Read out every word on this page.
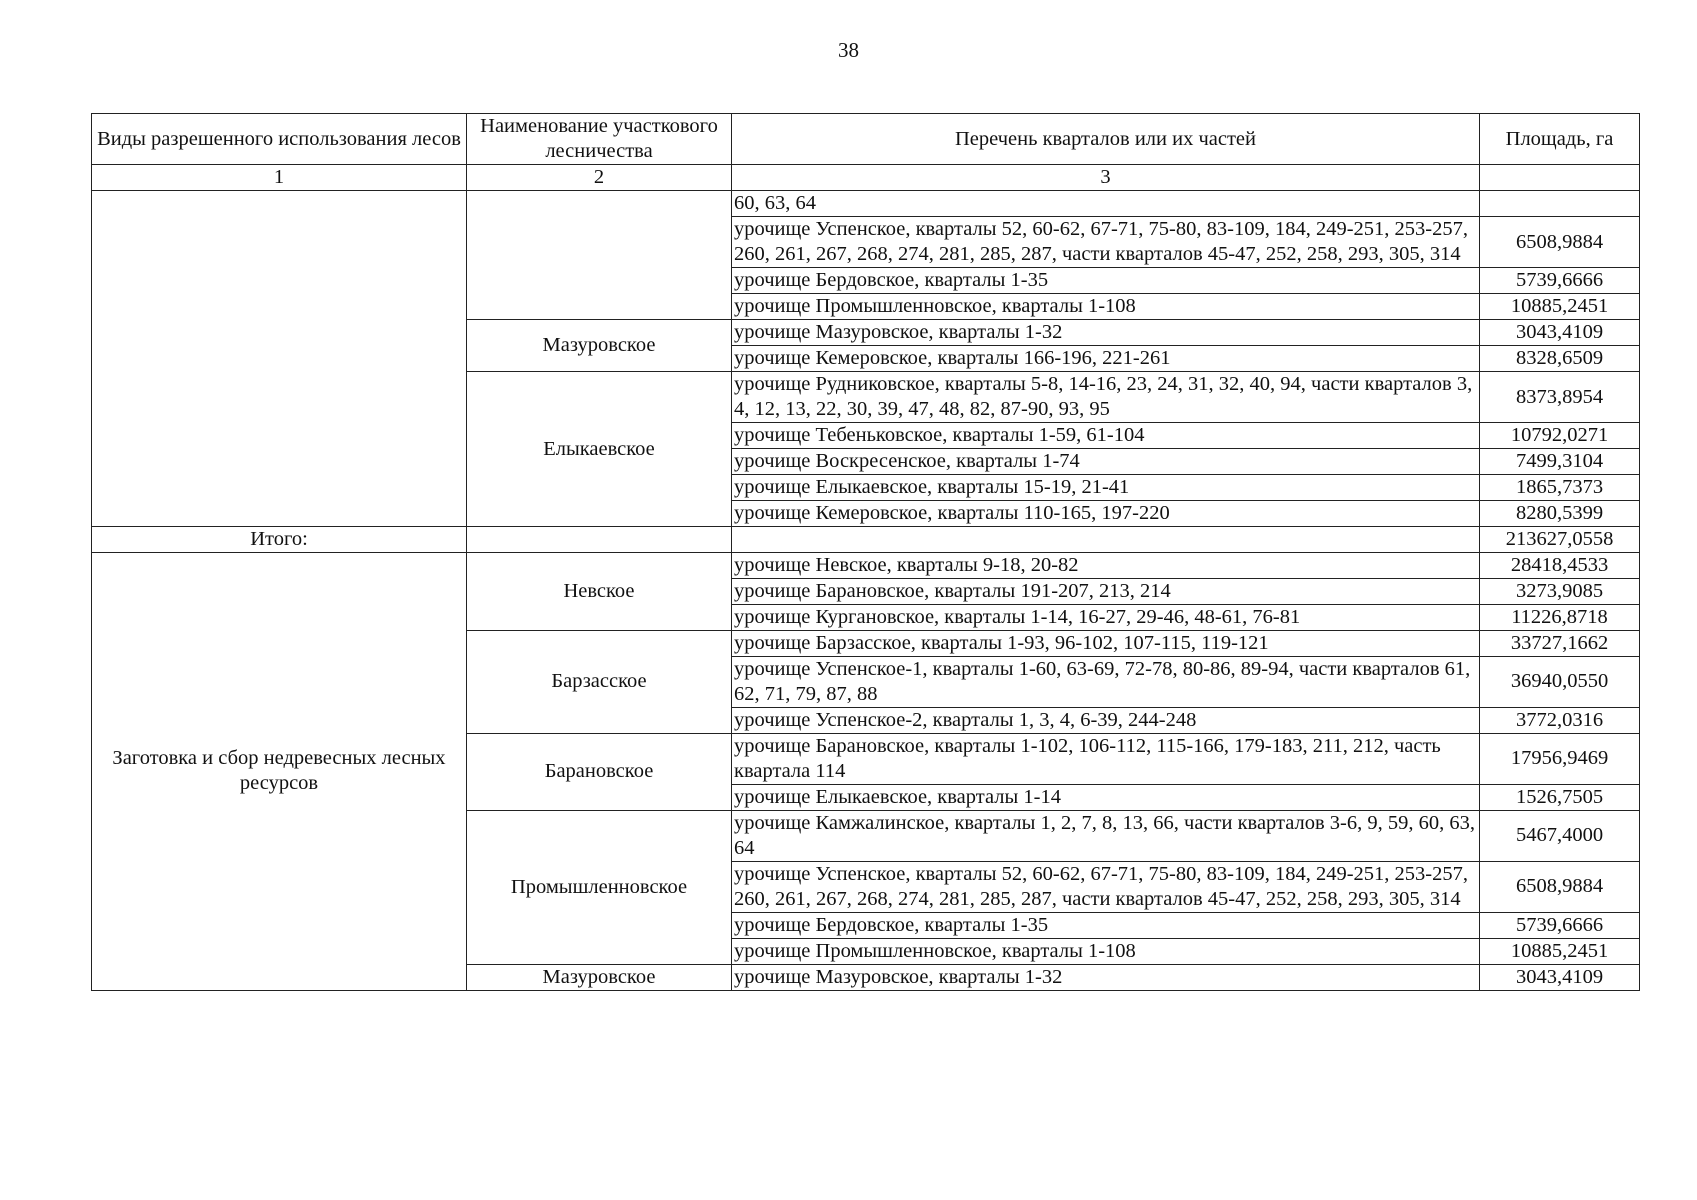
38
Виды разрешенного использования лесов	Наименование участкового лесничества	Перечень кварталов или их частей	Площадь, га
1	2	3	
		60, 63, 64	
		урочище Успенское, кварталы 52, 60-62, 67-71, 75-80, 83-109, 184, 249-251, 253-257, 260, 261, 267, 268, 274, 281, 285, 287, части кварталов 45-47, 252, 258, 293, 305, 314	6508,9884
		урочище Бердовское, кварталы 1-35	5739,6666
		урочище Промышленновское, кварталы 1-108	10885,2451
	Мазуровское	урочище Мазуровское, кварталы 1-32	3043,4109
		урочище Кемеровское, кварталы 166-196, 221-261	8328,6509
	Елыкаевское	урочище Рудниковское, кварталы 5-8, 14-16, 23, 24, 31, 32, 40, 94, части кварталов 3, 4, 12, 13, 22, 30, 39, 47, 48, 82, 87-90, 93, 95	8373,8954
		урочище Тебеньковское, кварталы 1-59, 61-104	10792,0271
		урочище Воскресенское, кварталы 1-74	7499,3104
		урочище Елыкаевское, кварталы 15-19, 21-41	1865,7373
		урочище Кемеровское, кварталы 110-165, 197-220	8280,5399
Итого:			213627,0558
Заготовка и сбор недревесных лесных ресурсов	Невское	урочище Невское, кварталы 9-18, 20-82	28418,4533
		урочище Барановское, кварталы 191-207, 213, 214	3273,9085
		урочище Кургановское, кварталы 1-14, 16-27, 29-46, 48-61, 76-81	11226,8718
	Барзасское	урочище Барзасское, кварталы 1-93, 96-102, 107-115, 119-121	33727,1662
		урочище Успенское-1, кварталы 1-60, 63-69, 72-78, 80-86, 89-94, части кварталов 61, 62, 71, 79, 87, 88	36940,0550
		урочище Успенское-2, кварталы 1, 3, 4, 6-39, 244-248	3772,0316
	Барановское	урочище Барановское, кварталы 1-102, 106-112, 115-166, 179-183, 211, 212, часть квартала 114	17956,9469
		урочище Елыкаевское, кварталы 1-14	1526,7505
	Промышленновское	урочище Камжалинское, кварталы 1, 2, 7, 8, 13, 66, части кварталов 3-6, 9, 59, 60, 63, 64	5467,4000
		урочище Успенское, кварталы 52, 60-62, 67-71, 75-80, 83-109, 184, 249-251, 253-257, 260, 261, 267, 268, 274, 281, 285, 287, части кварталов 45-47, 252, 258, 293, 305, 314	6508,9884
		урочище Бердовское, кварталы 1-35	5739,6666
		урочище Промышленновское, кварталы 1-108	10885,2451
	Мазуровское	урочище Мазуровское, кварталы 1-32	3043,4109
